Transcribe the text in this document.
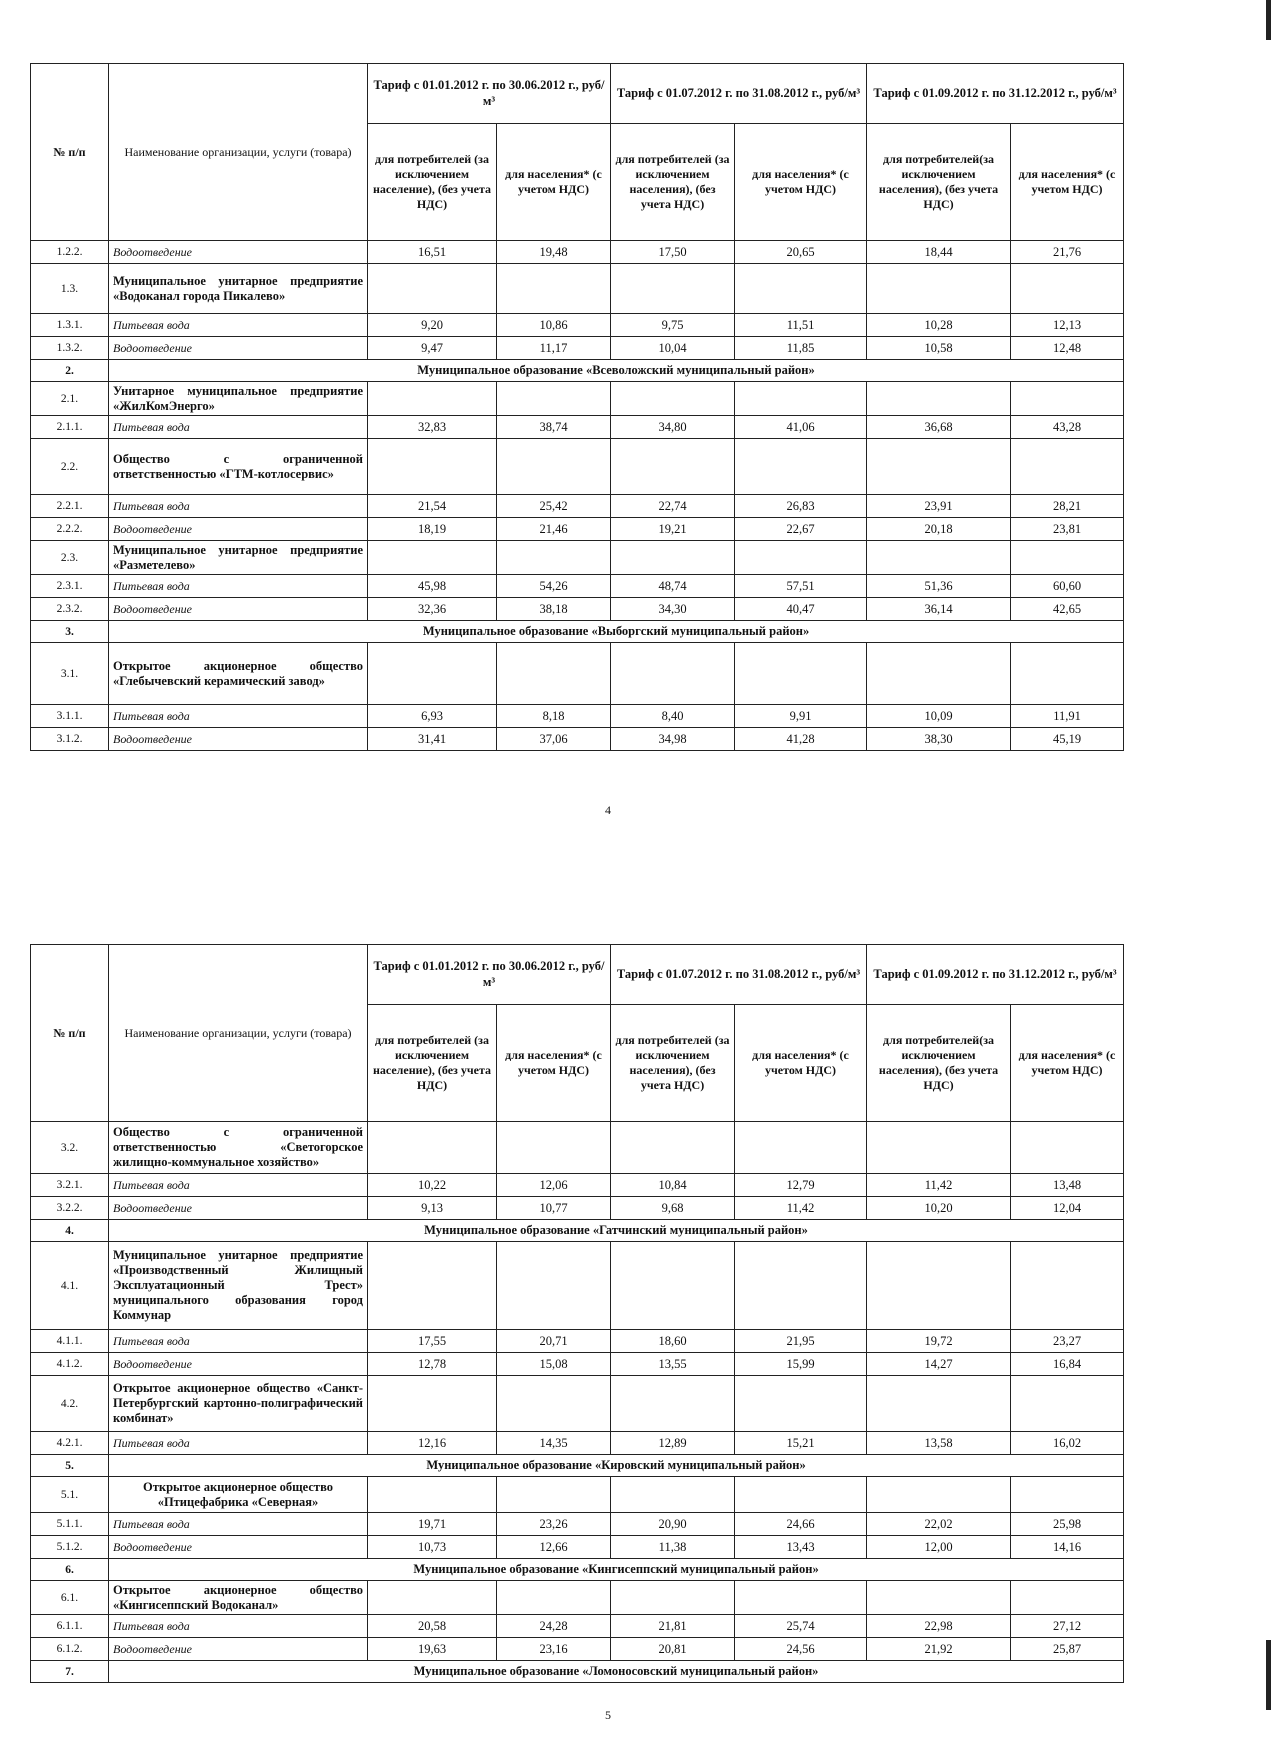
№ п/п	Наименование организации, услуги (товара)	Тариф с 01.01.2012 г. по 30.06.2012 г., руб/м³		Тариф с 01.07.2012 г. по 31.08.2012 г., руб/м³		Тариф с 01.09.2012 г. по 31.12.2012 г., руб/м³	
		для потребителей (за исключением население), (без учета НДС)	для населения* (с учетом НДС)	для потребителей (за исключением населения), (без учета НДС)	для населения* (с учетом НДС)	для потребителей(за исключением населения), (без учета НДС)	для населения* (с учетом НДС)
1.2.2.	Водоотведение	16,51	19,48	17,50	20,65	18,44	21,76
1.3.	Муниципальное унитарное предприятие «Водоканал города Пикалево»						
1.3.1.	Питьевая вода	9,20	10,86	9,75	11,51	10,28	12,13
1.3.2.	Водоотведение	9,47	11,17	10,04	11,85	10,58	12,48
2.	Муниципальное образование «Всеволожский муниципальный район»						
2.1.	Унитарное муниципальное предприятие «ЖилКомЭнерго»						
2.1.1.	Питьевая вода	32,83	38,74	34,80	41,06	36,68	43,28
2.2.	Общество с ограниченной ответственностью «ГТМ-котлосервис»						
2.2.1.	Питьевая вода	21,54	25,42	22,74	26,83	23,91	28,21
2.2.2.	Водоотведение	18,19	21,46	19,21	22,67	20,18	23,81
2.3.	Муниципальное унитарное предприятие «Разметелево»						
2.3.1.	Питьевая вода	45,98	54,26	48,74	57,51	51,36	60,60
2.3.2.	Водоотведение	32,36	38,18	34,30	40,47	36,14	42,65
3.	Муниципальное образование «Выборгский муниципальный район»						
3.1.	Открытое акционерное общество «Глебычевский керамический завод»						
3.1.1.	Питьевая вода	6,93	8,18	8,40	9,91	10,09	11,91
3.1.2.	Водоотведение	31,41	37,06	34,98	41,28	38,30	45,19
4
№ п/п	Наименование организации, услуги (товара)	Тариф с 01.01.2012 г. по 30.06.2012 г., руб/м³		Тариф с 01.07.2012 г. по 31.08.2012 г., руб/м³		Тариф с 01.09.2012 г. по 31.12.2012 г., руб/м³	
		для потребителей (за исключением население), (без учета НДС)	для населения* (с учетом НДС)	для потребителей (за исключением населения), (без учета НДС)	для населения* (с учетом НДС)	для потребителей(за исключением населения), (без учета НДС)	для населения* (с учетом НДС)
3.2.	Общество с ограниченной ответственностью «Светогорское жилищно-коммунальное хозяйство»						
3.2.1.	Питьевая вода	10,22	12,06	10,84	12,79	11,42	13,48
3.2.2.	Водоотведение	9,13	10,77	9,68	11,42	10,20	12,04
4.	Муниципальное образование «Гатчинский муниципальный район»						
4.1.	Муниципальное унитарное предприятие «Производственный Жилищный Эксплуатационный Трест» муниципального образования город Коммунар						
4.1.1.	Питьевая вода	17,55	20,71	18,60	21,95	19,72	23,27
4.1.2.	Водоотведение	12,78	15,08	13,55	15,99	14,27	16,84
4.2.	Открытое акционерное общество «Санкт-Петербургский картонно-полиграфический комбинат»						
4.2.1.	Питьевая вода	12,16	14,35	12,89	15,21	13,58	16,02
5.	Муниципальное образование «Кировский муниципальный район»						
5.1.	Открытое акционерное общество «Птицефабрика «Северная»						
5.1.1.	Питьевая вода	19,71	23,26	20,90	24,66	22,02	25,98
5.1.2.	Водоотведение	10,73	12,66	11,38	13,43	12,00	14,16
6.	Муниципальное образование «Кингисеппский муниципальный район»						
6.1.	Открытое акционерное общество «Кингисеппский Водоканал»						
6.1.1.	Питьевая вода	20,58	24,28	21,81	25,74	22,98	27,12
6.1.2.	Водоотведение	19,63	23,16	20,81	24,56	21,92	25,87
7.	Муниципальное образование «Ломоносовский муниципальный район»						
5
